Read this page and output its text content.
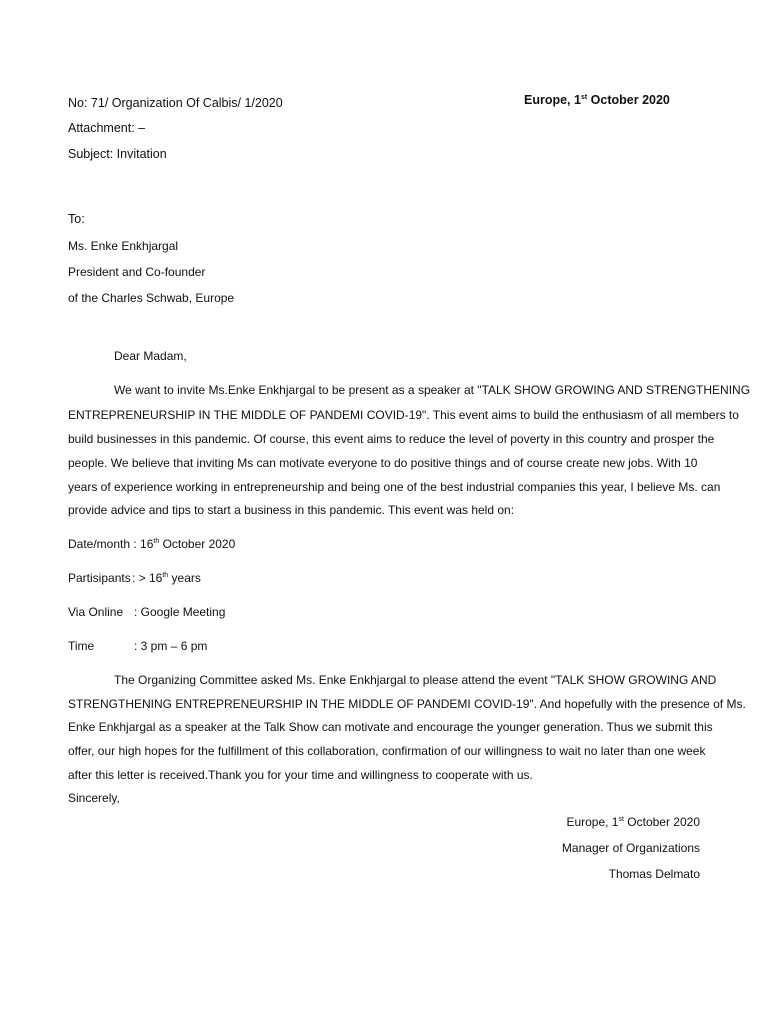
No: 71/ Organization Of Calbis/ 1/2020	Europe, 1st October 2020
Attachment: –
Subject: Invitation
To:
Ms. Enke Enkhjargal
President and Co-founder
of the Charles Schwab, Europe
Dear Madam,
We want to invite Ms.Enke Enkhjargal to be present as a speaker at "TALK SHOW GROWING AND STRENGTHENING
ENTREPRENEURSHIP IN THE MIDDLE OF PANDEMI COVID-19". This event aims to build the enthusiasm of all members to
build businesses in this pandemic. Of course, this event aims to reduce the level of poverty in this country and prosper the
people. We believe that inviting Ms can motivate everyone to do positive things and of course create new jobs. With 10
years of experience working in entrepreneurship and being one of the best industrial companies this year, I believe Ms. can
provide advice and tips to start a business in this pandemic. This event was held on:
Date/month : 16th October 2020
Partisipants : > 16th years
Via Online : Google Meeting
Time	: 3 pm – 6 pm
The Organizing Committee asked Ms. Enke Enkhjargal to please attend the event "TALK SHOW GROWING AND
STRENGTHENING ENTREPRENEURSHIP IN THE MIDDLE OF PANDEMI COVID-19". And hopefully with the presence of Ms.
Enke Enkhjargal as a speaker at the Talk Show can motivate and encourage the younger generation. Thus we submit this
offer, our high hopes for the fulfillment of this collaboration, confirmation of our willingness to wait no later than one week
after this letter is received.Thank you for your time and willingness to cooperate with us.
Sincerely,
Europe, 1st October 2020
Manager of Organizations
Thomas Delmato
